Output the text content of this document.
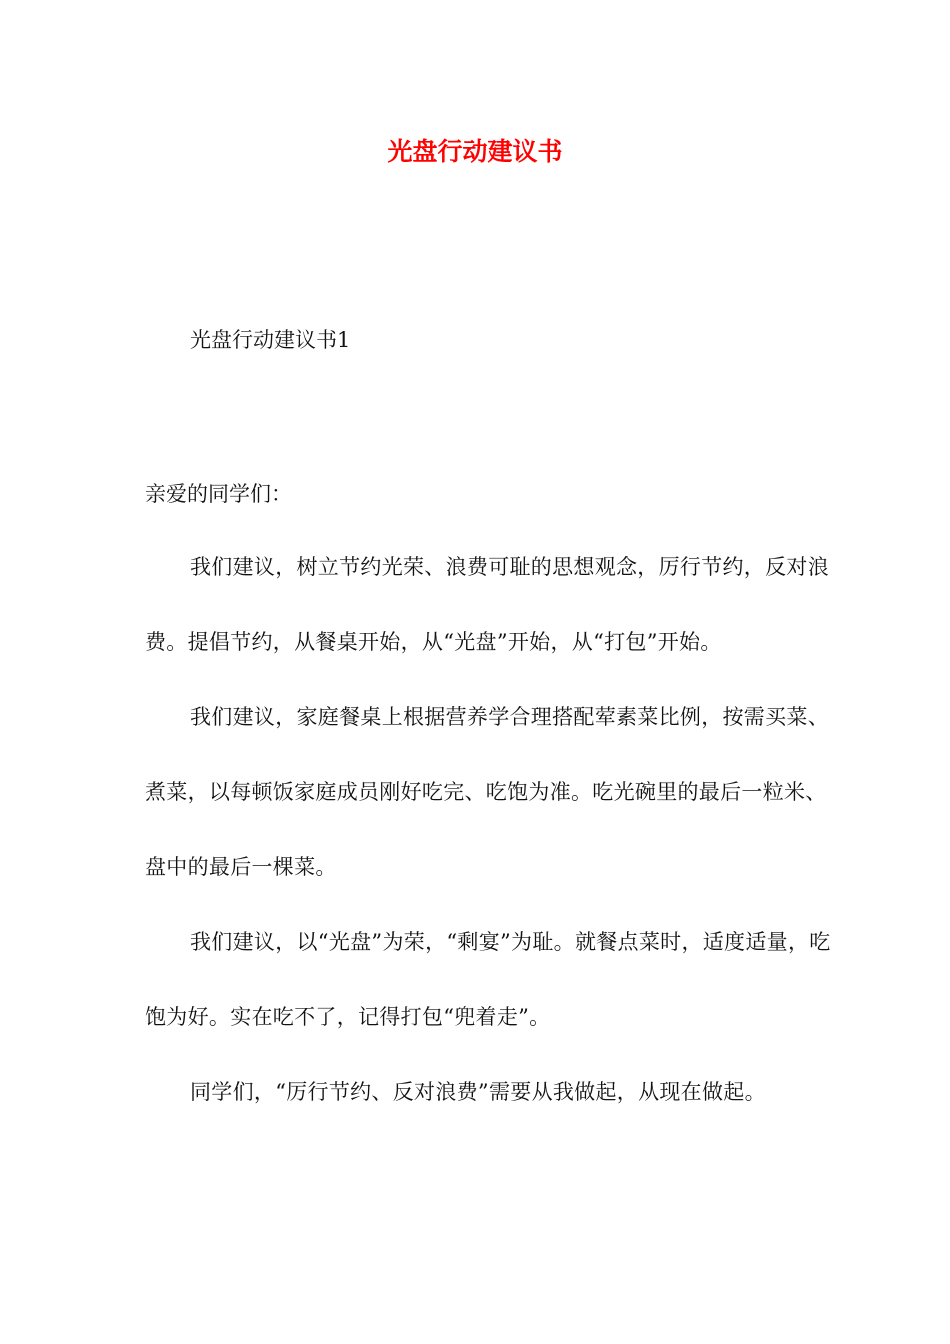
光盘行动建议书
光盘行动建议书1
亲爱的同学们：

我们建议，树立节约光荣、浪费可耻的思想观念，厉行节约，反对浪费。提倡节约，从餐桌开始，从“光盘”开始，从“打包”开始。

我们建议，家庭餐桌上根据营养学合理搭配荤素菜比例，按需买菜、煮菜，以每顿饭家庭成员刚好吃完、吃饱为准。吃光碗里的最后一粒米、盘中的最后一棵菜。

我们建议，以“光盘”为荣，“剩宴”为耻。就餐点菜时，适度适量，吃饱为好。实在吃不了，记得打包“兜着走”。

同学们，“厉行节约、反对浪费”需要从我做起，从现在做起。
